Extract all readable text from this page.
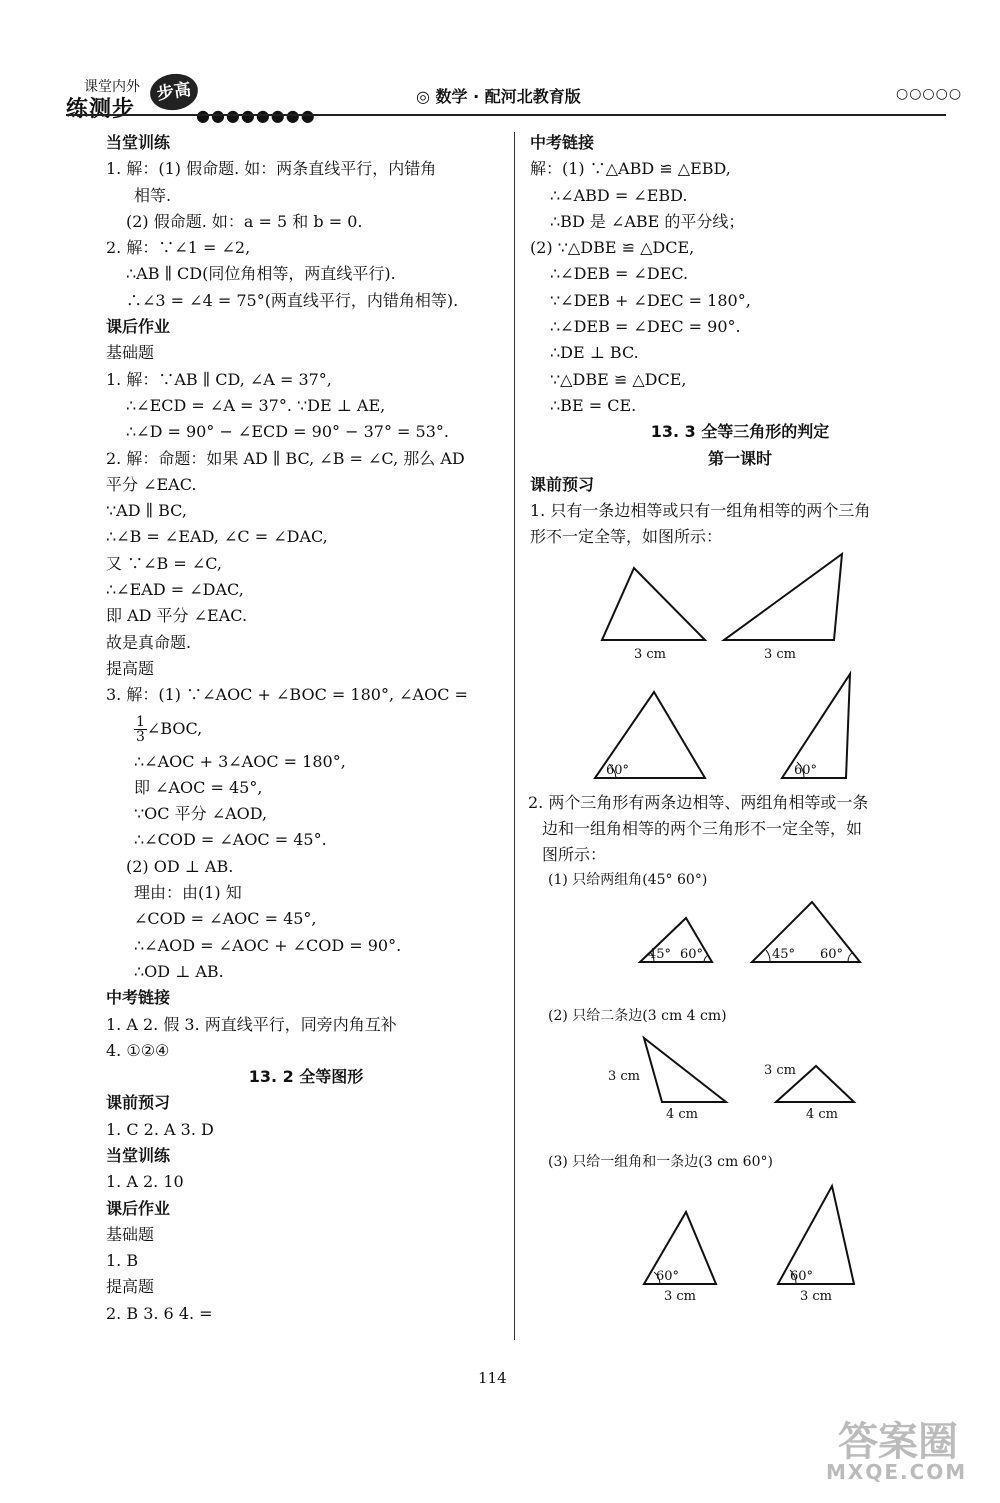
课堂内外
练测步
步高
●●●●●●●●
◎ 数学 · 配河北教育版	○○○○○
当堂训练
1. 解：(1) 假命题. 如：两条直线平行，内错角
相等.
(2) 假命题. 如：a = 5 和 b = 0.
2. 解：∵∠1 = ∠2,
∴AB ∥ CD(同位角相等，两直线平行).
∴∠3 = ∠4 = 75°(两直线平行，内错角相等).
课后作业
基础题
1. 解：∵AB ∥ CD, ∠A = 37°,
∴∠ECD = ∠A = 37°. ∵DE ⊥ AE,
∴∠D = 90° − ∠ECD = 90° − 37° = 53°.
2. 解：命题：如果 AD ∥ BC, ∠B = ∠C, 那么 AD
平分 ∠EAC.
∵AD ∥ BC,
∴∠B = ∠EAD, ∠C = ∠DAC,
又 ∵∠B = ∠C,
∴∠EAD = ∠DAC,
即 AD 平分 ∠EAC.
故是真命题.
提高题
3. 解：(1) ∵∠AOC + ∠BOC = 180°, ∠AOC =
$\frac{1}{3}$ ∠BOC,
∴∠AOC + 3∠AOC = 180°,
即 ∠AOC = 45°,
∵OC 平分 ∠AOD,
∴∠COD = ∠AOC = 45°.
(2) OD ⊥ AB.
理由：由(1) 知
∠COD = ∠AOC = 45°,
∴∠AOD = ∠AOC + ∠COD = 90°.
∴OD ⊥ AB.
中考链接
1. A 2. 假 3. 两直线平行，同旁内角互补
4. ①②④
13. 2 全等图形
课前预习
1. C 2. A 3. D
当堂训练
1. A 2. 10
课后作业
基础题
1. B
提高题
2. B 3. 6 4. =
中考链接
解：(1) ∵△ABD ≌ △EBD,
∴∠ABD = ∠EBD.
∴BD 是 ∠ABE 的平分线；
(2) ∵△DBE ≌ △DCE,
∴∠DEB = ∠DEC.
∵∠DEB + ∠DEC = 180°,
∴∠DEB = ∠DEC = 90°.
∴DE ⊥ BC.
∵△DBE ≌ △DCE,
∴BE = CE.
13. 3 全等三角形的判定
第一课时
课前预习
1. 只有一条边相等或只有一组角相等的两个三角
形不一定全等，如图所示：
3 cm	3 cm
60°	60°
2. 两个三角形有两条边相等、两组角相等或一条
边和一组角相等的两个三角形不一定全等，如
图所示：
(1) 只给两组角(45° 60°)
45° 60°	45° 60°
(2) 只给二条边(3 cm 4 cm)
3 cm
4 cm
3 cm
4 cm
(3) 只给一组角和一条边(3 cm 60°)
60°
3 cm
60°
3 cm
114
答案圈
MXQE.COM
